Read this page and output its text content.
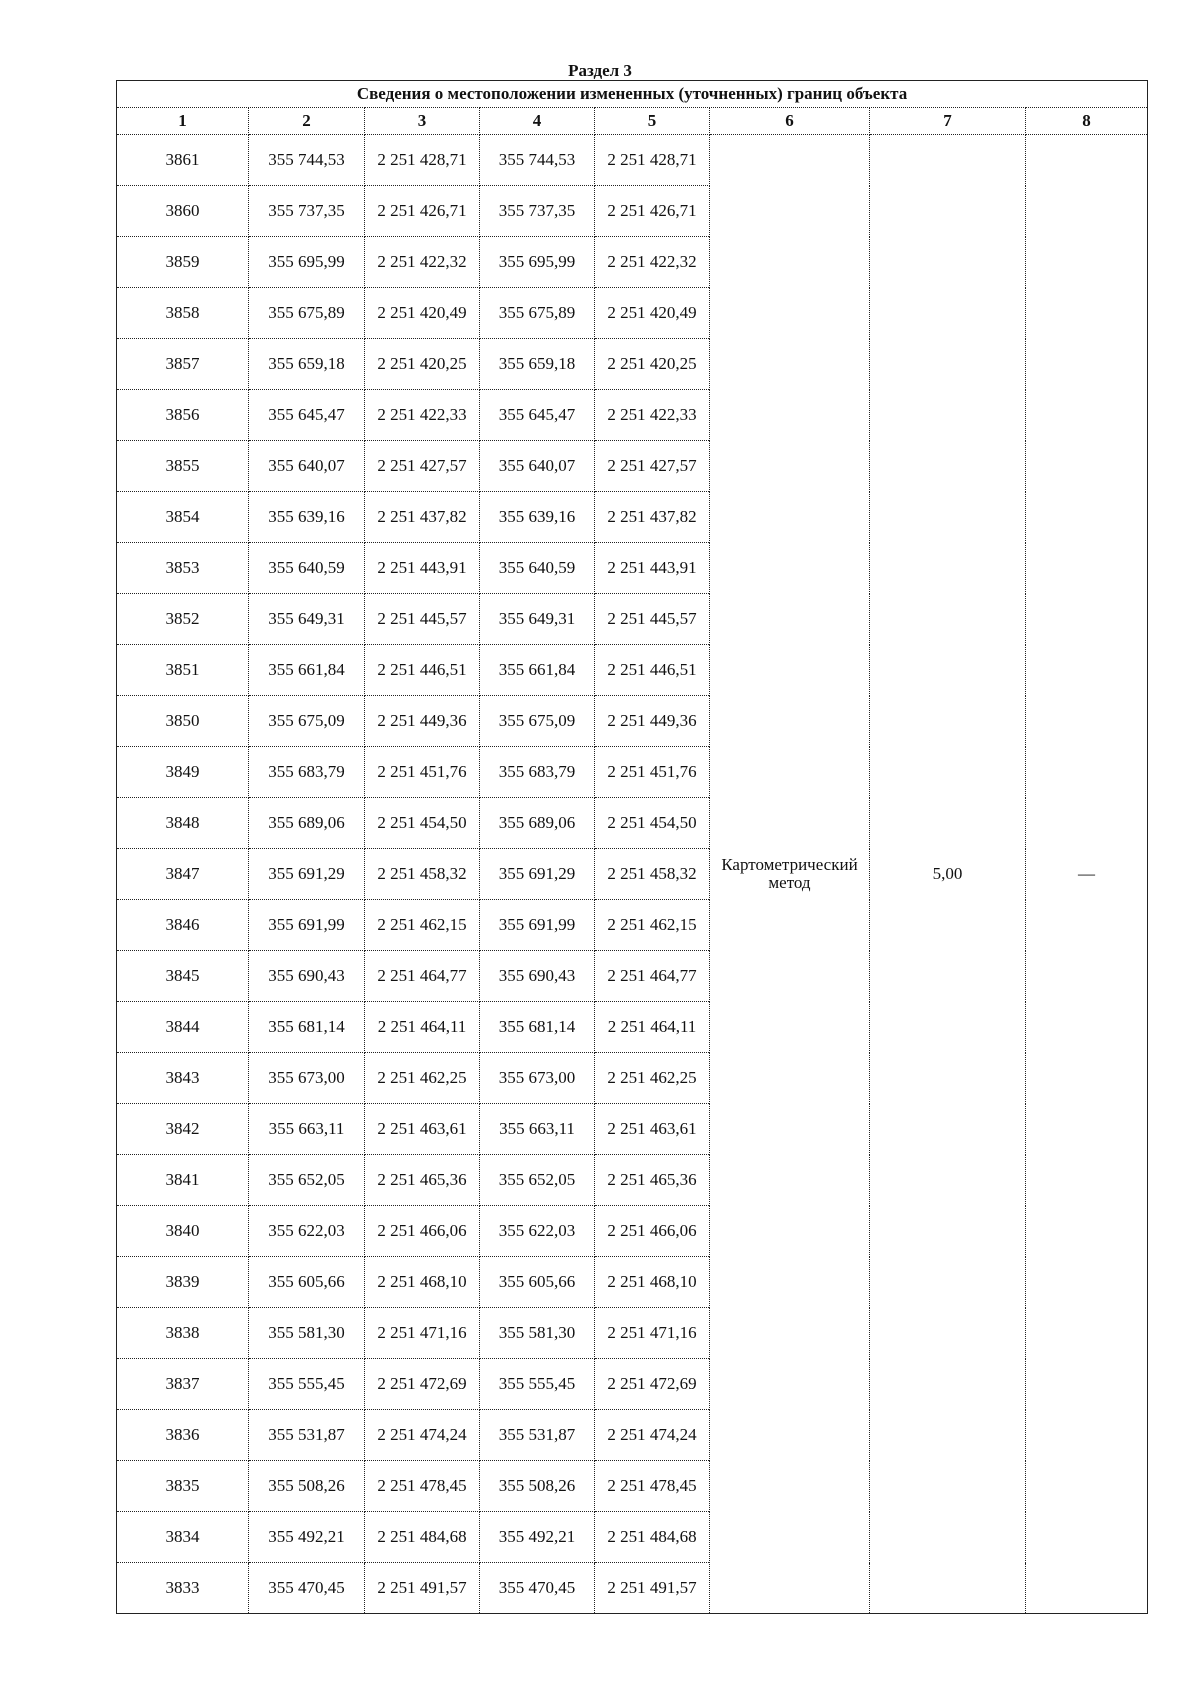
Раздел 3
Сведения о местоположении измененных (уточненных) границ объекта							
1	2	3	4	5	6	7	8
3861	355 744,53	2 251 428,71	355 744,53	2 251 428,71	Картометрический
метод	5,00	—
3860	355 737,35	2 251 426,71	355 737,35	2 251 426,71			
3859	355 695,99	2 251 422,32	355 695,99	2 251 422,32			
3858	355 675,89	2 251 420,49	355 675,89	2 251 420,49			
3857	355 659,18	2 251 420,25	355 659,18	2 251 420,25			
3856	355 645,47	2 251 422,33	355 645,47	2 251 422,33			
3855	355 640,07	2 251 427,57	355 640,07	2 251 427,57			
3854	355 639,16	2 251 437,82	355 639,16	2 251 437,82			
3853	355 640,59	2 251 443,91	355 640,59	2 251 443,91			
3852	355 649,31	2 251 445,57	355 649,31	2 251 445,57			
3851	355 661,84	2 251 446,51	355 661,84	2 251 446,51			
3850	355 675,09	2 251 449,36	355 675,09	2 251 449,36			
3849	355 683,79	2 251 451,76	355 683,79	2 251 451,76			
3848	355 689,06	2 251 454,50	355 689,06	2 251 454,50			
3847	355 691,29	2 251 458,32	355 691,29	2 251 458,32			
3846	355 691,99	2 251 462,15	355 691,99	2 251 462,15			
3845	355 690,43	2 251 464,77	355 690,43	2 251 464,77			
3844	355 681,14	2 251 464,11	355 681,14	2 251 464,11			
3843	355 673,00	2 251 462,25	355 673,00	2 251 462,25			
3842	355 663,11	2 251 463,61	355 663,11	2 251 463,61			
3841	355 652,05	2 251 465,36	355 652,05	2 251 465,36			
3840	355 622,03	2 251 466,06	355 622,03	2 251 466,06			
3839	355 605,66	2 251 468,10	355 605,66	2 251 468,10			
3838	355 581,30	2 251 471,16	355 581,30	2 251 471,16			
3837	355 555,45	2 251 472,69	355 555,45	2 251 472,69			
3836	355 531,87	2 251 474,24	355 531,87	2 251 474,24			
3835	355 508,26	2 251 478,45	355 508,26	2 251 478,45			
3834	355 492,21	2 251 484,68	355 492,21	2 251 484,68			
3833	355 470,45	2 251 491,57	355 470,45	2 251 491,57			
